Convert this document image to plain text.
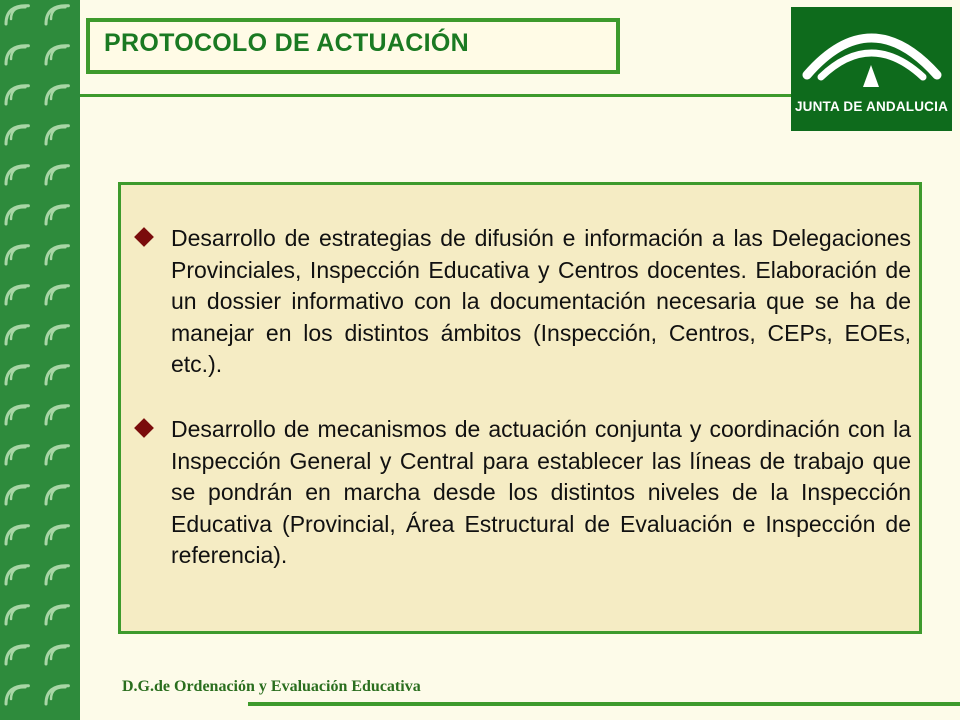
PROTOCOLO DE ACTUACIÓN
JUNTA DE ANDALUCIA

Desarrollo de estrategias de difusión e información a las Delegaciones Provinciales, Inspección Educativa y Centros docentes. Elaboración de un dossier informativo con la documentación necesaria que se ha de manejar en los distintos ámbitos (Inspección, Centros, CEPs, EOEs, etc.).

Desarrollo de mecanismos de actuación conjunta y coordinación con la Inspección General y Central para establecer las líneas de trabajo que se pondrán en marcha desde los distintos niveles de la Inspección Educativa (Provincial, Área Estructural de Evaluación e Inspección de referencia).

D.G.de Ordenación y Evaluación Educativa
